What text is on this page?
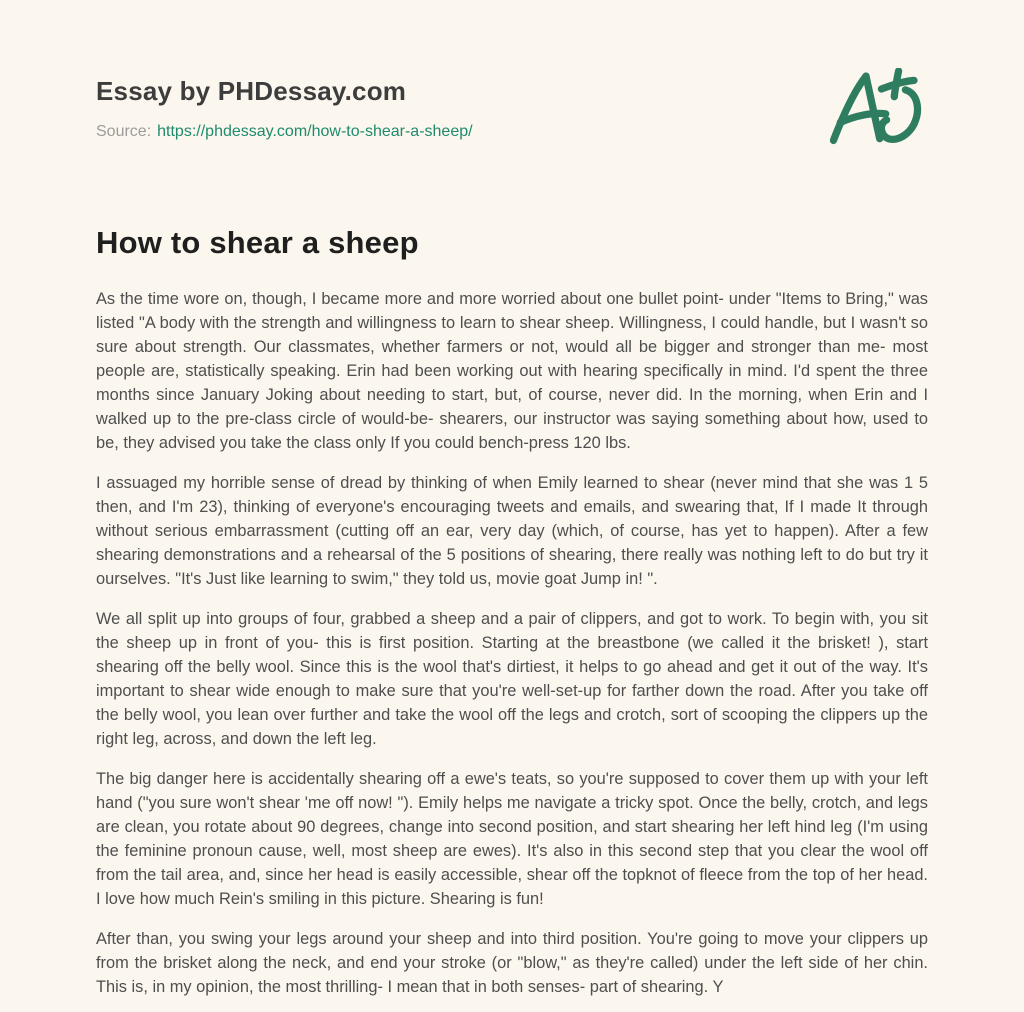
Essay by PHDessay.com
Source: https://phdessay.com/how-to-shear-a-sheep/
How to shear a sheep

As the time wore on, though, I became more and more worried about one bullet point- under "Items to Bring," was listed "A body with the strength and willingness to learn to shear sheep. Willingness, I could handle, but I wasn't so sure about strength. Our classmates, whether farmers or not, would all be bigger and stronger than me- most people are, statistically speaking. Erin had been working out with hearing specifically in mind. I'd spent the three months since January Joking about needing to start, but, of course, never did. In the morning, when Erin and I walked up to the pre-class circle of would-be- shearers, our instructor was saying something about how, used to be, they advised you take the class only If you could bench-press 120 lbs.

I assuaged my horrible sense of dread by thinking of when Emily learned to shear (never mind that she was 1 5 then, and I'm 23), thinking of everyone's encouraging tweets and emails, and swearing that, If I made It through without serious embarrassment (cutting off an ear, very day (which, of course, has yet to happen). After a few shearing demonstrations and a rehearsal of the 5 positions of shearing, there really was nothing left to do but try it ourselves. "It's Just like learning to swim," they told us, movie goat Jump in! ".

We all split up into groups of four, grabbed a sheep and a pair of clippers, and got to work. To begin with, you sit the sheep up in front of you- this is first position. Starting at the breastbone (we called it the brisket! ), start shearing off the belly wool. Since this is the wool that's dirtiest, it helps to go ahead and get it out of the way. It's important to shear wide enough to make sure that you're well-set-up for farther down the road. After you take off the belly wool, you lean over further and take the wool off the legs and crotch, sort of scooping the clippers up the right leg, across, and down the left leg.

The big danger here is accidentally shearing off a ewe's teats, so you're supposed to cover them up with your left hand ("you sure won't shear 'me off now! "). Emily helps me navigate a tricky spot. Once the belly, crotch, and legs are clean, you rotate about 90 degrees, change into second position, and start shearing her left hind leg (I'm using the feminine pronoun cause, well, most sheep are ewes). It's also in this second step that you clear the wool off from the tail area, and, since her head is easily accessible, shear off the topknot of fleece from the top of her head. I love how much Rein's smiling in this picture. Shearing is fun!

After than, you swing your legs around your sheep and into third position. You're going to move your clippers up from the brisket along the neck, and end your stroke (or "blow," as they're called) under the left side of her chin. This is, in my opinion, the most thrilling- I mean that in both senses- part of shearing. Y
